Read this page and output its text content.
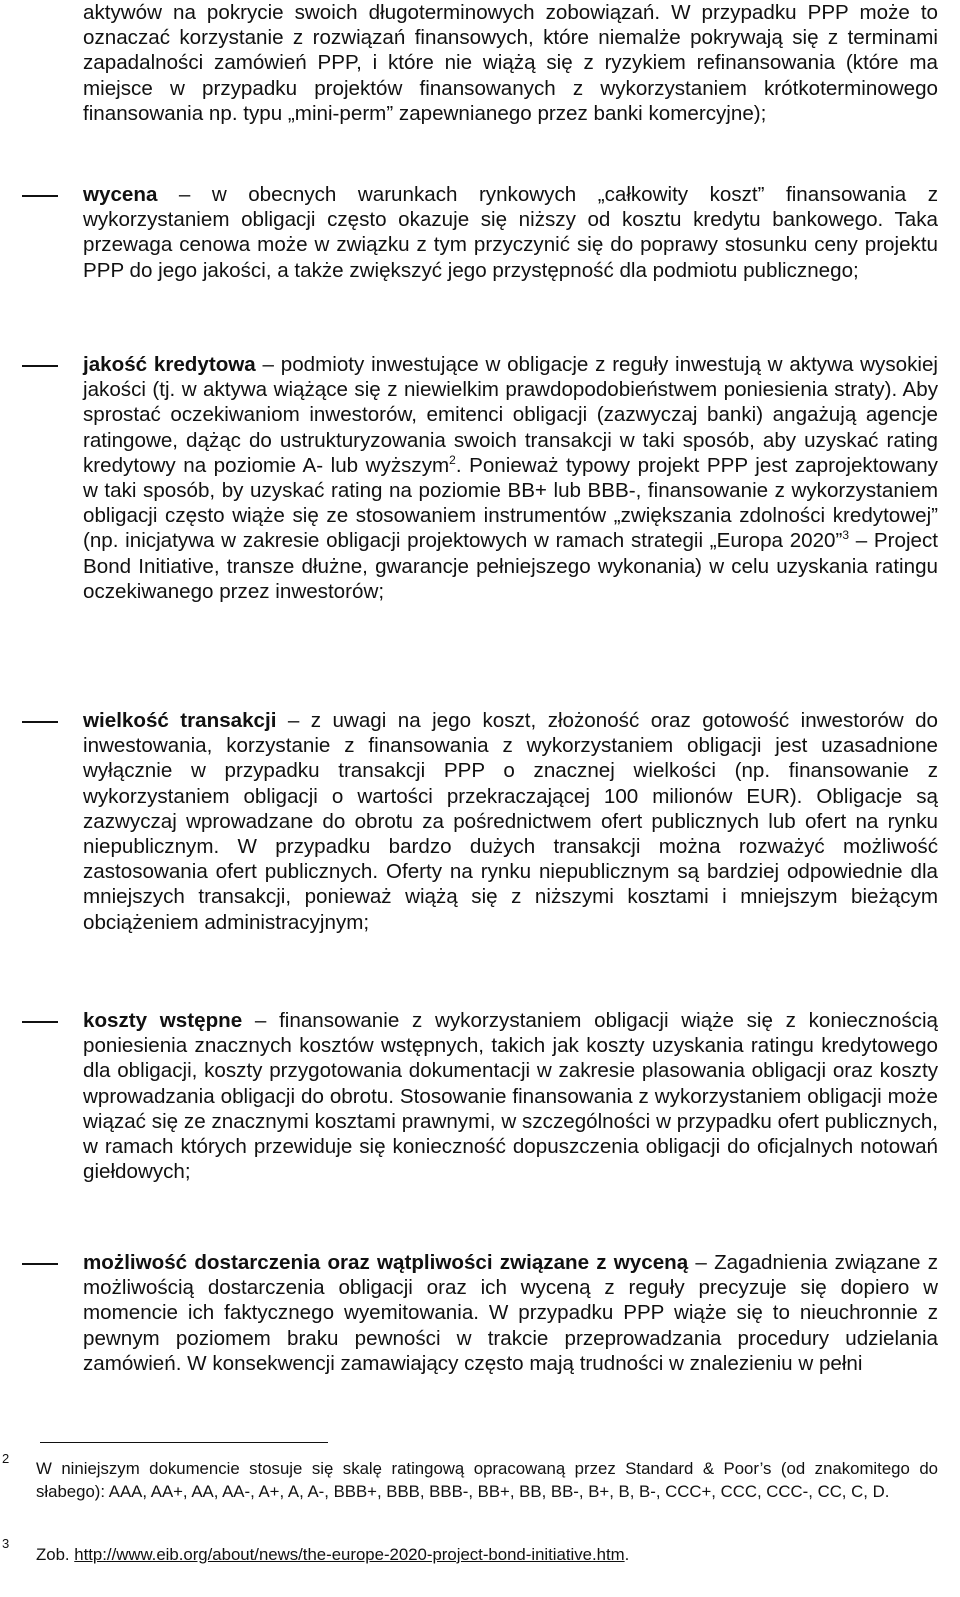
aktywów na pokrycie swoich długoterminowych zobowiązań. W przypadku PPP może to oznaczać korzystanie z rozwiązań finansowych, które niemalże pokrywają się z terminami zapadalności zamówień PPP, i które nie wiążą się z ryzykiem refinansowania (które ma miejsce w przypadku projektów finansowanych z wykorzystaniem krótkoterminowego finansowania np. typu „mini-perm” zapewnianego przez banki komercyjne);

wycena – w obecnych warunkach rynkowych „całkowity koszt” finansowania z wykorzystaniem obligacji często okazuje się niższy od kosztu kredytu bankowego. Taka przewaga cenowa może w związku z tym przyczynić się do poprawy stosunku ceny projektu PPP do jego jakości, a także zwiększyć jego przystępność dla podmiotu publicznego;

jakość kredytowa – podmioty inwestujące w obligacje z reguły inwestują w aktywa wysokiej jakości (tj. w aktywa wiążące się z niewielkim prawdopodobieństwem poniesienia straty). Aby sprostać oczekiwaniom inwestorów, emitenci obligacji (zazwyczaj banki) angażują agencje ratingowe, dążąc do ustrukturyzowania swoich transakcji w taki sposób, aby uzyskać rating kredytowy na poziomie A- lub wyższym$^2$. Ponieważ typowy projekt PPP jest zaprojektowany w taki sposób, by uzyskać rating na poziomie BB+ lub BBB-, finansowanie z wykorzystaniem obligacji często wiąże się ze stosowaniem instrumentów „zwiększania zdolności kredytowej” (np. inicjatywa w zakresie obligacji projektowych w ramach strategii „Europa 2020”$^3$ – Project Bond Initiative, transze dłużne, gwarancje pełniejszego wykonania) w celu uzyskania ratingu oczekiwanego przez inwestorów;

wielkość transakcji – z uwagi na jego koszt, złożoność oraz gotowość inwestorów do inwestowania, korzystanie z finansowania z wykorzystaniem obligacji jest uzasadnione wyłącznie w przypadku transakcji PPP o znacznej wielkości (np. finansowanie z wykorzystaniem obligacji o wartości przekraczającej 100 milionów EUR). Obligacje są zazwyczaj wprowadzane do obrotu za pośrednictwem ofert publicznych lub ofert na rynku niepublicznym. W przypadku bardzo dużych transakcji można rozważyć możliwość zastosowania ofert publicznych. Oferty na rynku niepublicznym są bardziej odpowiednie dla mniejszych transakcji, ponieważ wiążą się z niższymi kosztami i mniejszym bieżącym obciążeniem administracyjnym;

koszty wstępne – finansowanie z wykorzystaniem obligacji wiąże się z koniecznością poniesienia znacznych kosztów wstępnych, takich jak koszty uzyskania ratingu kredytowego dla obligacji, koszty przygotowania dokumentacji w zakresie plasowania obligacji oraz koszty wprowadzania obligacji do obrotu. Stosowanie finansowania z wykorzystaniem obligacji może wiązać się ze znacznymi kosztami prawnymi, w szczególności w przypadku ofert publicznych, w ramach których przewiduje się konieczność dopuszczenia obligacji do oficjalnych notowań giełdowych;

możliwość dostarczenia oraz wątpliwości związane z wyceną – Zagadnienia związane z możliwością dostarczenia obligacji oraz ich wyceną z reguły precyzuje się dopiero w momencie ich faktycznego wyemitowania. W przypadku PPP wiąże się to nieuchronnie z pewnym poziomem braku pewności w trakcie przeprowadzania procedury udzielania zamówień. W konsekwencji zamawiający często mają trudności w znalezieniu w pełni

2

W niniejszym dokumencie stosuje się skalę ratingową opracowaną przez Standard & Poor’s (od znakomitego do słabego): AAA, AA+, AA, AA-, A+, A, A-, BBB+, BBB, BBB-, BB+, BB, BB-, B+, B, B-, CCC+, CCC, CCC-, CC, C, D.

3

Zob. http://www.eib.org/about/news/the-europe-2020-project-bond-initiative.htm.
